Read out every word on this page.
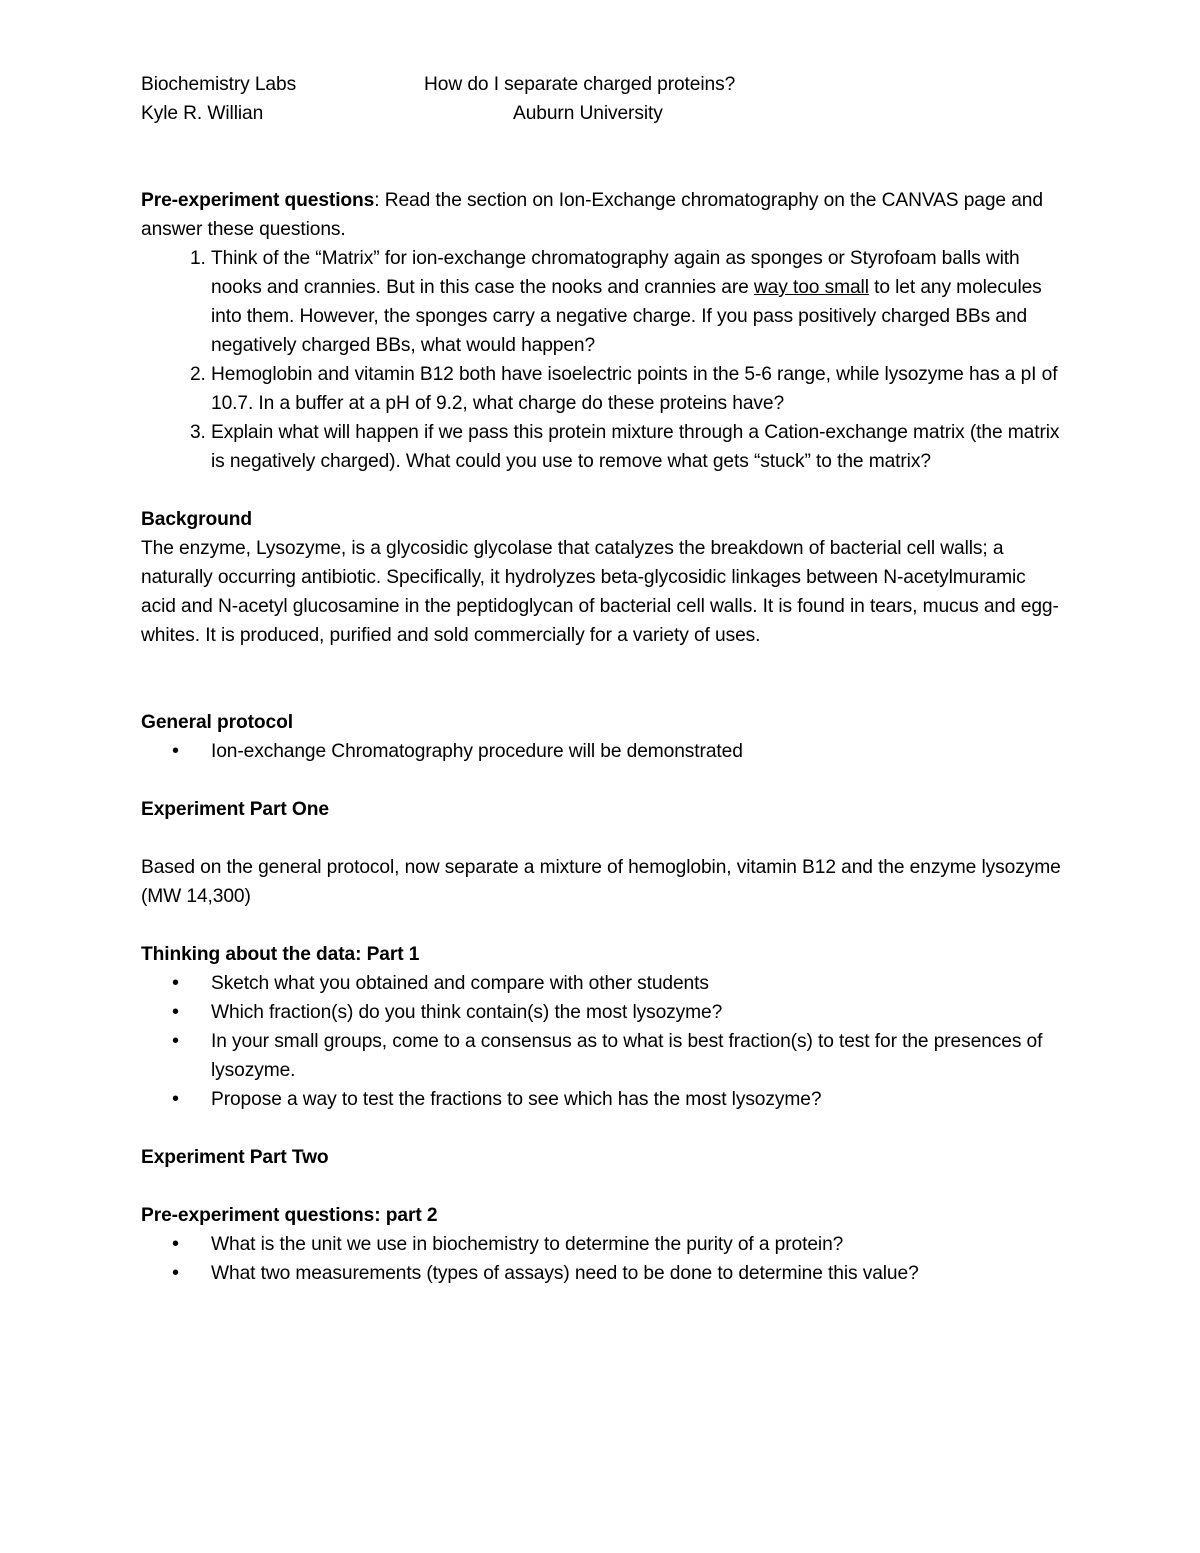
Biochemistry Labs	How do I separate charged proteins?
Kyle R. Willian	Auburn University

Pre-experiment questions: Read the section on Ion-Exchange chromatography on the CANVAS page and answer these questions.

1. Think of the “Matrix” for ion-exchange chromatography again as sponges or Styrofoam balls with nooks and crannies. But in this case the nooks and crannies are way too small to let any molecules into them. However, the sponges carry a negative charge. If you pass positively charged BBs and negatively charged BBs, what would happen?
2. Hemoglobin and vitamin B12 both have isoelectric points in the 5-6 range, while lysozyme has a pI of 10.7. In a buffer at a pH of 9.2, what charge do these proteins have?
3. Explain what will happen if we pass this protein mixture through a Cation-exchange matrix (the matrix is negatively charged). What could you use to remove what gets “stuck” to the matrix?

Background

The enzyme, Lysozyme, is a glycosidic glycolase that catalyzes the breakdown of bacterial cell walls; a naturally occurring antibiotic. Specifically, it hydrolyzes beta-glycosidic linkages between N-acetylmuramic acid and N-acetyl glucosamine in the peptidoglycan of bacterial cell walls. It is found in tears, mucus and egg-whites. It is produced, purified and sold commercially for a variety of uses.

General protocol

• Ion-exchange Chromatography procedure will be demonstrated

Experiment Part One

Based on the general protocol, now separate a mixture of hemoglobin, vitamin B12 and the enzyme lysozyme (MW 14,300)

Thinking about the data: Part 1

• Sketch what you obtained and compare with other students
• Which fraction(s) do you think contain(s) the most lysozyme?
• In your small groups, come to a consensus as to what is best fraction(s) to test for the presences of lysozyme.
• Propose a way to test the fractions to see which has the most lysozyme?

Experiment Part Two

Pre-experiment questions: part 2

• What is the unit we use in biochemistry to determine the purity of a protein?
• What two measurements (types of assays) need to be done to determine this value?
